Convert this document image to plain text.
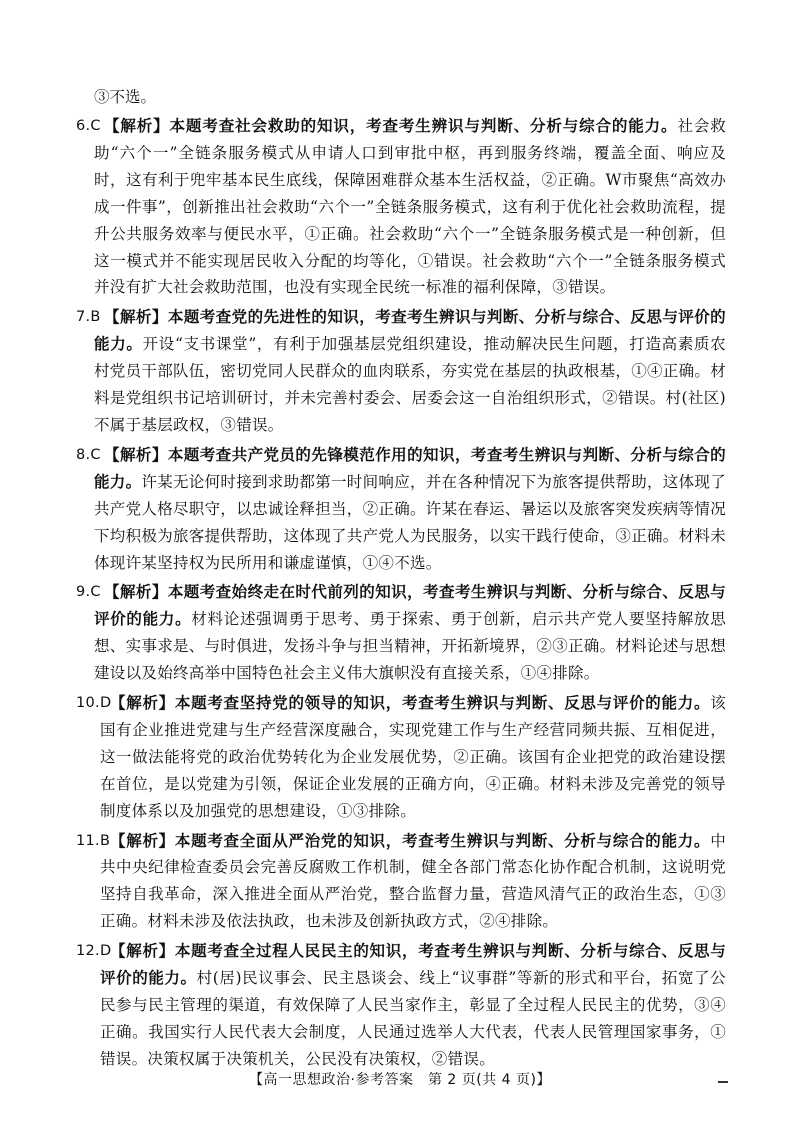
③不选。
6.C 【解析】本题考查社会救助的知识，考查考生辨识与判断、分析与综合的能力。社会救助“六个一”全链条服务模式从申请人口到审批中枢，再到服务终端，覆盖全面、响应及时，这有利于兜牢基本民生底线，保障困难群众基本生活权益，②正确。W市聚焦“高效办成一件事”，创新推出社会救助“六个一”全链条服务模式，这有利于优化社会救助流程，提升公共服务效率与便民水平，①正确。社会救助“六个一”全链条服务模式是一种创新，但这一模式并不能实现居民收入分配的均等化，①错误。社会救助“六个一”全链条服务模式并没有扩大社会救助范围，也没有实现全民统一标准的福利保障，③错误。
7.B 【解析】本题考查党的先进性的知识，考查考生辨识与判断、分析与综合、反思与评价的能力。开设“支书课堂”，有利于加强基层党组织建设，推动解决民生问题，打造高素质农村党员干部队伍，密切党同人民群众的血肉联系，夯实党在基层的执政根基，①④正确。材料是党组织书记培训研讨，并未完善村委会、居委会这一自治组织形式，②错误。村(社区)不属于基层政权，③错误。
8.C 【解析】本题考查共产党员的先锋模范作用的知识，考查考生辨识与判断、分析与综合的能力。许某无论何时接到求助都第一时间响应，并在各种情况下为旅客提供帮助，这体现了共产党人格尽职守，以忠诚诠释担当，②正确。许某在春运、暑运以及旅客突发疾病等情况下均积极为旅客提供帮助，这体现了共产党人为民服务，以实干践行使命，③正确。材料未体现许某坚持权为民所用和谦虚谨慎，①④不选。
9.C 【解析】本题考查始终走在时代前列的知识，考查考生辨识与判断、分析与综合、反思与评价的能力。材料论述强调勇于思考、勇于探索、勇于创新，启示共产党人要坚持解放思想、实事求是、与时俱进，发扬斗争与担当精神，开拓新境界，②③正确。材料论述与思想建设以及始终高举中国特色社会主义伟大旗帜没有直接关系，①④排除。
10.D
【解析】本题考查坚持党的领导的知识，考查考生辨识与判断、反思与评价的能力。该国有企业推进党建与生产经营深度融合，实现党建工作与生产经营同频共振、互相促进，这一做法能将党的政治优势转化为企业发展优势，②正确。该国有企业把党的政治建设摆在首位，是以党建为引领，保证企业发展的正确方向，④正确。材料未涉及完善党的领导制度体系以及加强党的思想建设，①③排除。
11.B 【解析】本题考查全面从严治党的知识，考查考生辨识与判断、分析与综合的能力。中共中央纪律检查委员会完善反腐败工作机制，健全各部门常态化协作配合机制，这说明党坚持自我革命，深入推进全面从严治党，整合监督力量，营造风清气正的政治生态，①③正确。材料未涉及依法执政，也未涉及创新执政方式，②④排除。
12.D
【解析】本题考查全过程人民民主的知识，考查考生辨识与判断、分析与综合、反思与评价的能力。村(居)民议事会、民主恳谈会、线上“议事群”等新的形式和平台，拓宽了公民参与民主管理的渠道，有效保障了人民当家作主，彰显了全过程人民民主的优势，③④正确。我国实行人民代表大会制度，人民通过选举人大代表，代表人民管理国家事务，①错误。决策权属于决策机关，公民没有决策权，②错误。
【高一思想政治·参考答案　第 2 页(共 4 页)】
